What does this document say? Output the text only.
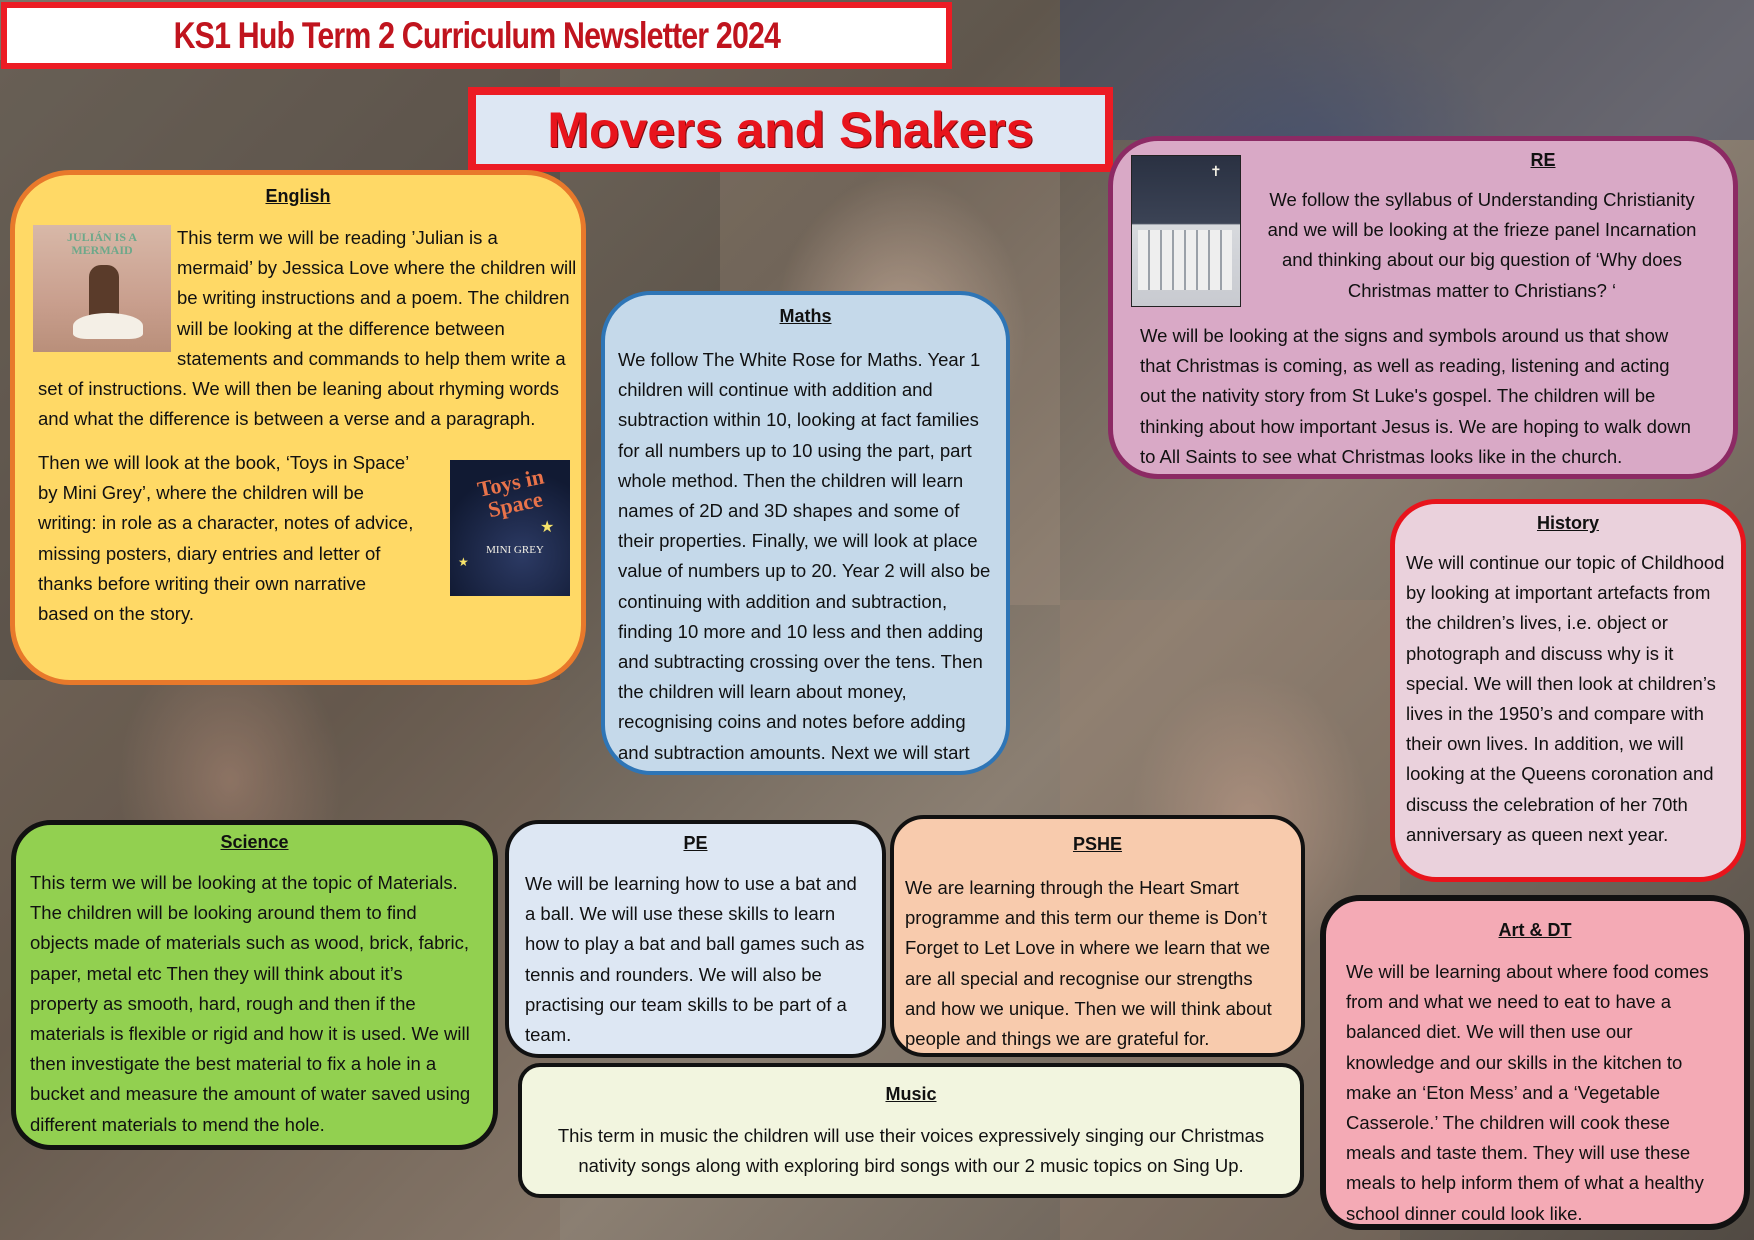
KS1 Hub Term 2 Curriculum Newsletter 2024
Movers and Shakers
English
JULIÁN IS A MERMAID

This term we will be reading ’Julian is a

mermaid’ by Jessica Love where the children will

be writing instructions and a poem. The children

will be looking at the difference between

statements and commands to help them write a

set of instructions. We will then be leaning about rhyming words

and what the difference is between a verse and a paragraph.

Then we will look at the book, ‘Toys in Space’

by Mini Grey’, where the children will be

writing: in role as a character, notes of advice,

missing posters, diary entries and letter of

thanks before writing their own narrative

based on the story.

Toys in Space
MINI GREY
★
★
Maths

We follow The White Rose for Maths. Year 1

children will continue with addition and

subtraction within 10, looking at fact families

for all numbers up to 10 using the part, part

whole method. Then the children will learn

names of 2D and 3D shapes and some of

their properties. Finally, we will look at place

value of numbers up to 20. Year 2 will also be

continuing with addition and subtraction,

finding 10 more and 10 less and then adding

and subtracting crossing over the tens. Then

the children will learn about money,

recognising coins and notes before adding

and subtraction amounts. Next we will start

RE
✝

We follow the syllabus of Understanding Christianity

and we will be looking at the frieze panel Incarnation

and thinking about our big question of ‘Why does

Christmas matter to Christians? ‘

We will be looking at the signs and symbols around us that show

that Christmas is coming, as well as reading, listening and acting

out the nativity story from St Luke's gospel. The children will be

thinking about how important Jesus is. We are hoping to walk down

to All Saints to see what Christmas looks like in the church.

History

We will continue our topic of Childhood

by looking at important artefacts from

the children’s lives, i.e. object or

photograph and discuss why is it

special. We will then look at children’s

lives in the 1950’s and compare with

their own lives. In addition, we will

looking at the Queens coronation and

discuss the celebration of her 70th

anniversary as queen next year.

Science

This term we will be looking at the topic of Materials.

The children will be looking around them to find

objects made of materials such as wood, brick, fabric,

paper, metal etc Then they will think about it’s

property as smooth, hard, rough and then if the

materials is flexible or rigid and how it is used. We will

then investigate the best material to fix a hole in a

bucket and measure the amount of water saved using

different materials to mend the hole.

PE

We will be learning how to use a bat and

a ball. We will use these skills to learn

how to play a bat and ball games such as

tennis and rounders. We will also be

practising our team skills to be part of a

team.

PSHE

We are learning through the Heart Smart

programme and this term our theme is Don’t

Forget to Let Love in where we learn that we

are all special and recognise our strengths

and how we unique. Then we will think about

people and things we are grateful for.

Art & DT

We will be learning about where food comes

from and what we need to eat to have a

balanced diet. We will then use our

knowledge and our skills in the kitchen to

make an ‘Eton Mess’ and a ‘Vegetable

Casserole.’ The children will cook these

meals and taste them. They will use these

meals to help inform them of what a healthy

school dinner could look like.

Music

This term in music the children will use their voices expressively singing our Christmas

nativity songs along with exploring bird songs with our 2 music topics on Sing Up.
